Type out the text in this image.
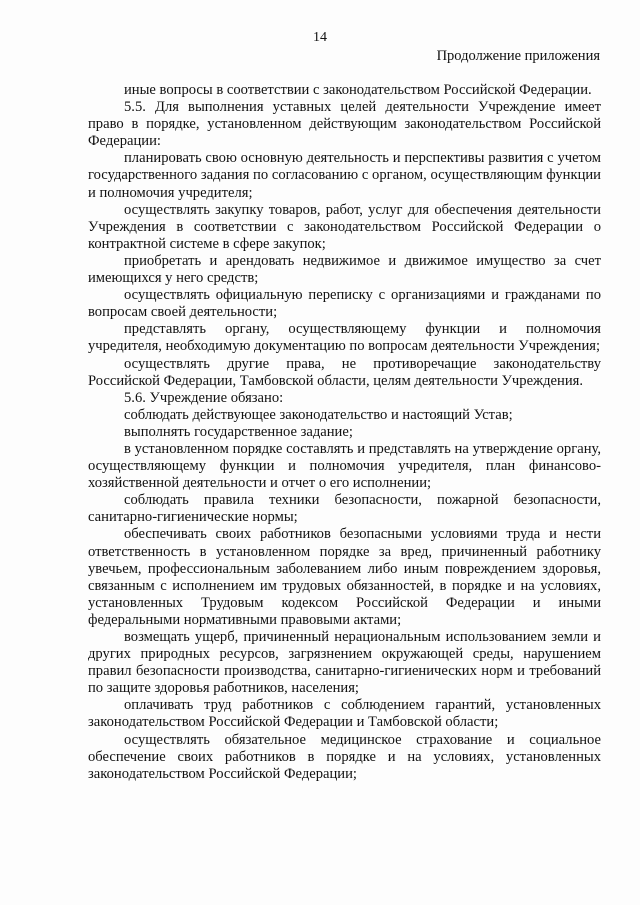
14
Продолжение приложения

иные вопросы в соответствии с законодательством Российской Федерации.

5.5. Для выполнения уставных целей деятельности Учреждение имеет право в порядке, установленном действующим законодательством Российской Федерации:

планировать свою основную деятельность и перспективы развития с учетом государственного задания по согласованию с органом, осуществляющим функции и полномочия учредителя;

осуществлять закупку товаров, работ, услуг для обеспечения деятельности Учреждения в соответствии с законодательством Российской Федерации о контрактной системе в сфере закупок;

приобретать и арендовать недвижимое и движимое имущество за счет имеющихся у него средств;

осуществлять официальную переписку с организациями и гражданами по вопросам своей деятельности;

представлять органу, осуществляющему функции и полномочия учредителя, необходимую документацию по вопросам деятельности Учреждения;

осуществлять другие права, не противоречащие законодательству Российской Федерации, Тамбовской области, целям деятельности Учреждения.

5.6. Учреждение обязано:

соблюдать действующее законодательство и настоящий Устав;

выполнять государственное задание;

в установленном порядке составлять и представлять на утверждение органу, осуществляющему функции и полномочия учредителя, план финансово-хозяйственной деятельности и отчет о его исполнении;

соблюдать правила техники безопасности, пожарной безопасности, санитарно-гигиенические нормы;

обеспечивать своих работников безопасными условиями труда и нести ответственность в установленном порядке за вред, причиненный работнику увечьем, профессиональным заболеванием либо иным повреждением здоровья, связанным с исполнением им трудовых обязанностей, в порядке и на условиях, установленных Трудовым кодексом Российской Федерации и иными федеральными нормативными правовыми актами;

возмещать ущерб, причиненный нерациональным использованием земли и других природных ресурсов, загрязнением окружающей среды, нарушением правил безопасности производства, санитарно-гигиенических норм и требований по защите здоровья работников, населения;

оплачивать труд работников с соблюдением гарантий, установленных законодательством Российской Федерации и Тамбовской области;

осуществлять обязательное медицинское страхование и социальное обеспечение своих работников в порядке и на условиях, установленных законодательством Российской Федерации;
